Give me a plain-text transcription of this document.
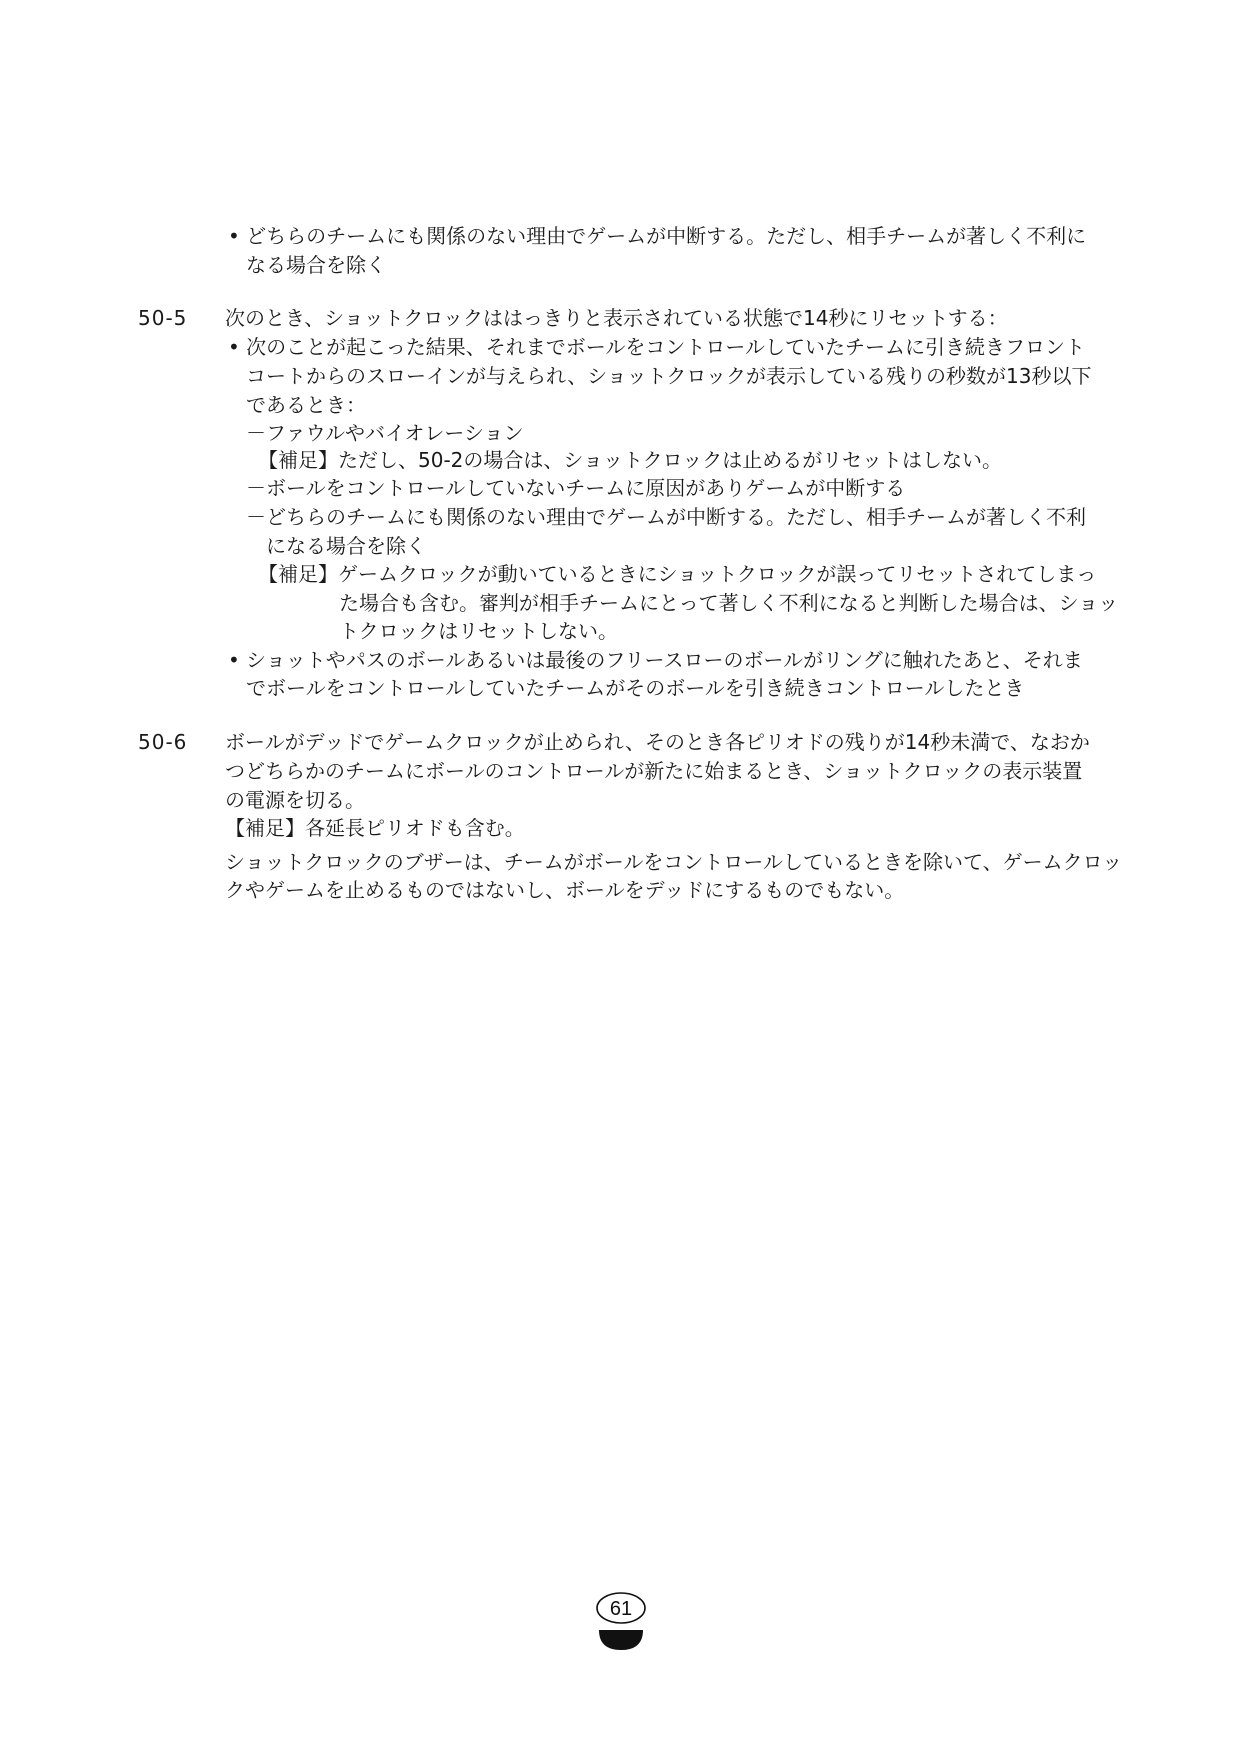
• どちらのチームにも関係のない理由でゲームが中断する。ただし、相手チームが著しく不利に
なる場合を除く
50-5 次のとき、ショットクロックははっきりと表示されている状態で14秒にリセットする：
• 次のことが起こった結果、それまでボールをコントロールしていたチームに引き続きフロント
コートからのスローインが与えられ、ショットクロックが表示している残りの秒数が13秒以下
であるとき：
－ファウルやバイオレーション
【補足】ただし、50-2の場合は、ショットクロックは止めるがリセットはしない。
－ボールをコントロールしていないチームに原因がありゲームが中断する
－どちらのチームにも関係のない理由でゲームが中断する。ただし、相手チームが著しく不利
になる場合を除く
【補足】ゲームクロックが動いているときにショットクロックが誤ってリセットされてしまっ
た場合も含む。審判が相手チームにとって著しく不利になると判断した場合は、ショッ
トクロックはリセットしない。
• ショットやパスのボールあるいは最後のフリースローのボールがリングに触れたあと、それま
でボールをコントロールしていたチームがそのボールを引き続きコントロールしたとき
50-6 ボールがデッドでゲームクロックが止められ、そのとき各ピリオドの残りが14秒未満で、なおか
つどちらかのチームにボールのコントロールが新たに始まるとき、ショットクロックの表示装置
の電源を切る。
【補足】各延長ピリオドも含む。
ショットクロックのブザーは、チームがボールをコントロールしているときを除いて、ゲームクロッ
クやゲームを止めるものではないし、ボールをデッドにするものでもない。
61
